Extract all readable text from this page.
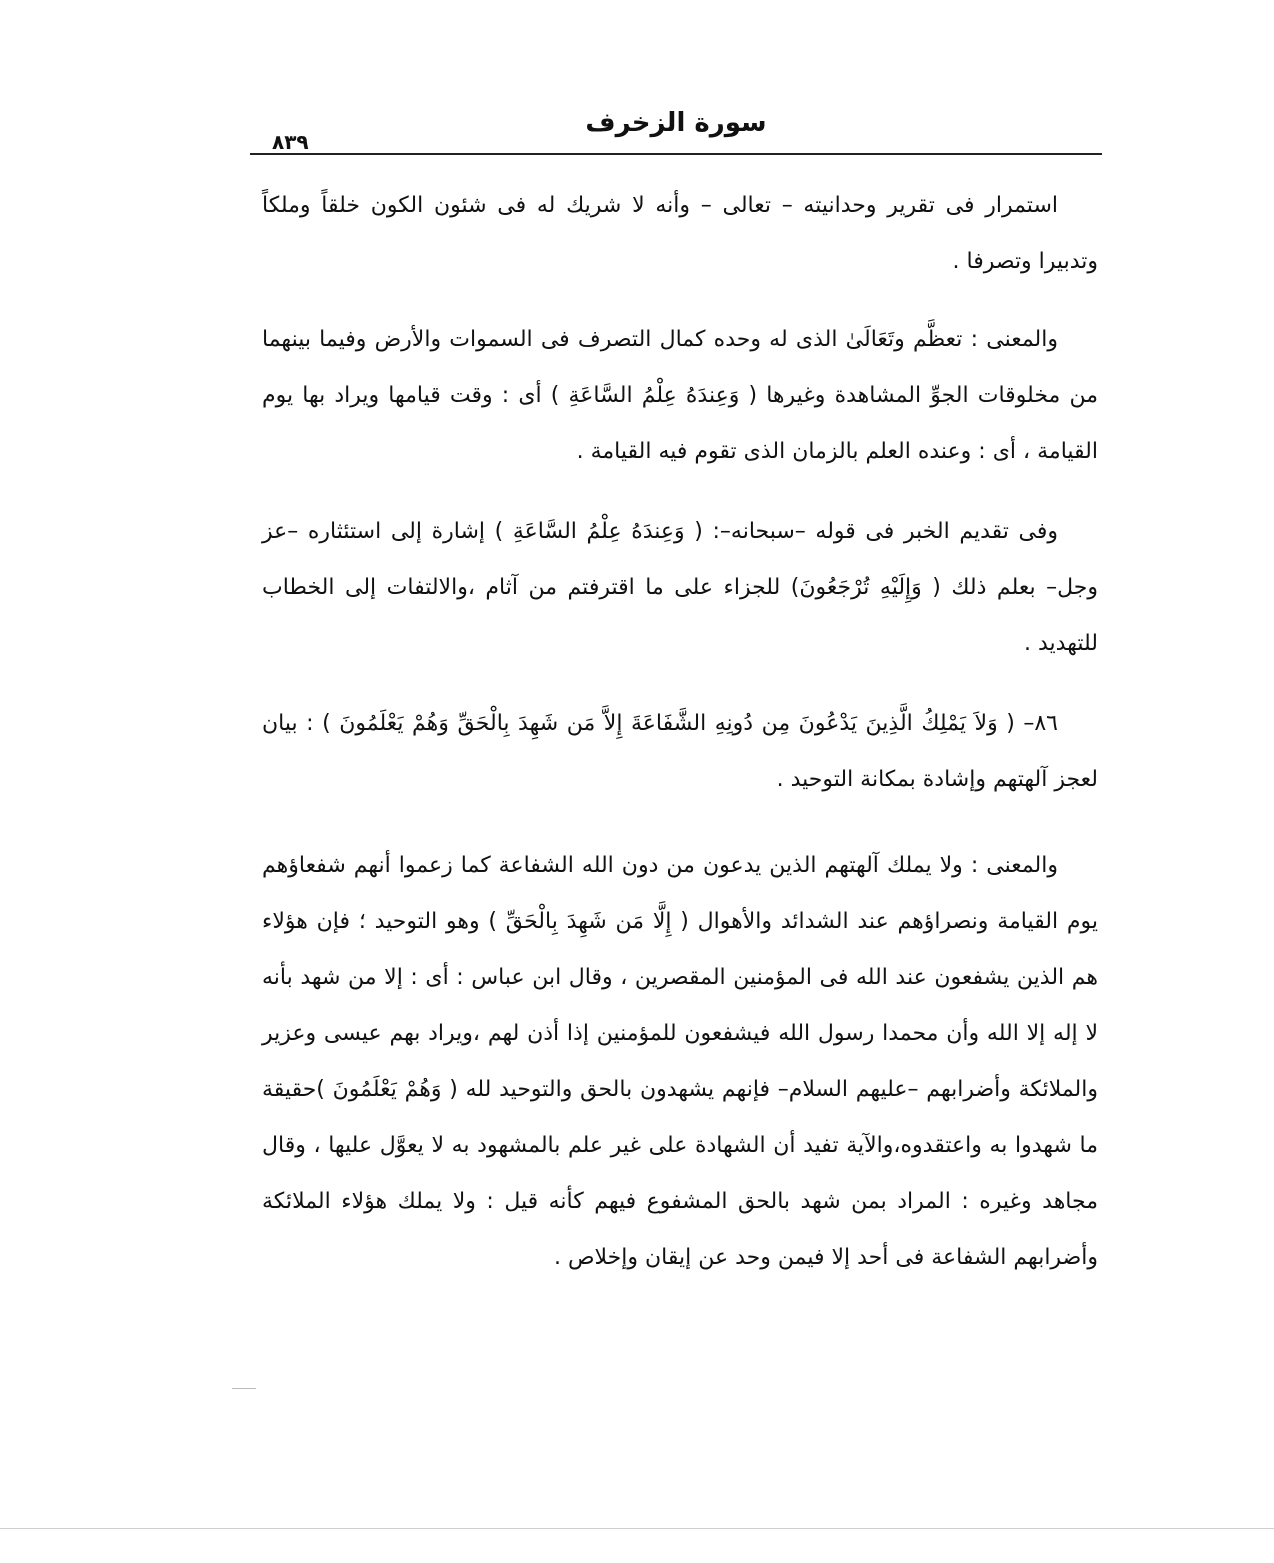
سورة الزخرف
٨٣٩

استمرار فى تقرير وحدانيته – تعالى – وأنه لا شريك له فى شئون الكون خلقاً وملكاً وتدبيرا وتصرفا .

والمعنى : تعظَّم وتَعَالَىٰ الذى له وحده كمال التصرف فى السموات والأرض وفيما بينهما من مخلوقات الجوِّ المشاهدة وغيرها ( وَعِندَهُ عِلْمُ السَّاعَةِ ) أى : وقت قيامها ويراد بها يوم القيامة ، أى : وعنده العلم بالزمان الذى تقوم فيه القيامة .

وفى تقديم الخبر فى قوله –سبحانه–: ( وَعِندَهُ عِلْمُ السَّاعَةِ ) إشارة إلى استئثاره –عز وجل– بعلم ذلك ( وَإِلَيْهِ تُرْجَعُونَ) للجزاء على ما اقترفتم من آثام ،والالتفات إلى الخطاب للتهديد .

٨٦– ( وَلاَ يَمْلِكُ الَّذِينَ يَدْعُونَ مِن دُونِهِ الشَّفَاعَةَ إِلاَّ مَن شَهِدَ بِالْحَقِّ وَهُمْ يَعْلَمُونَ ) : بيان لعجز آلهتهم وإشادة بمكانة التوحيد .

والمعنى : ولا يملك آلهتهم الذين يدعون من دون الله الشفاعة كما زعموا أنهم شفعاؤهم يوم القيامة ونصراؤهم عند الشدائد والأهوال ( إِلَّا مَن شَهِدَ بِالْحَقِّ ) وهو التوحيد ؛ فإن هؤلاء هم الذين يشفعون عند الله فى المؤمنين المقصرين ، وقال ابن عباس : أى : إلا من شهد بأنه لا إله إلا الله وأن محمدا رسول الله فيشفعون للمؤمنين إذا أذن لهم ،ويراد بهم عيسى وعزير والملائكة وأضرابهم –عليهم السلام– فإنهم يشهدون بالحق والتوحيد لله ( وَهُمْ يَعْلَمُونَ )حقيقة ما شهدوا به واعتقدوه،والآية تفيد أن الشهادة على غير علم بالمشهود به لا يعوَّل عليها ، وقال مجاهد وغيره : المراد بمن شهد بالحق المشفوع فيهم كأنه قيل : ولا يملك هؤلاء الملائكة وأضرابهم الشفاعة فى أحد إلا فيمن وحد عن إيقان وإخلاص .
